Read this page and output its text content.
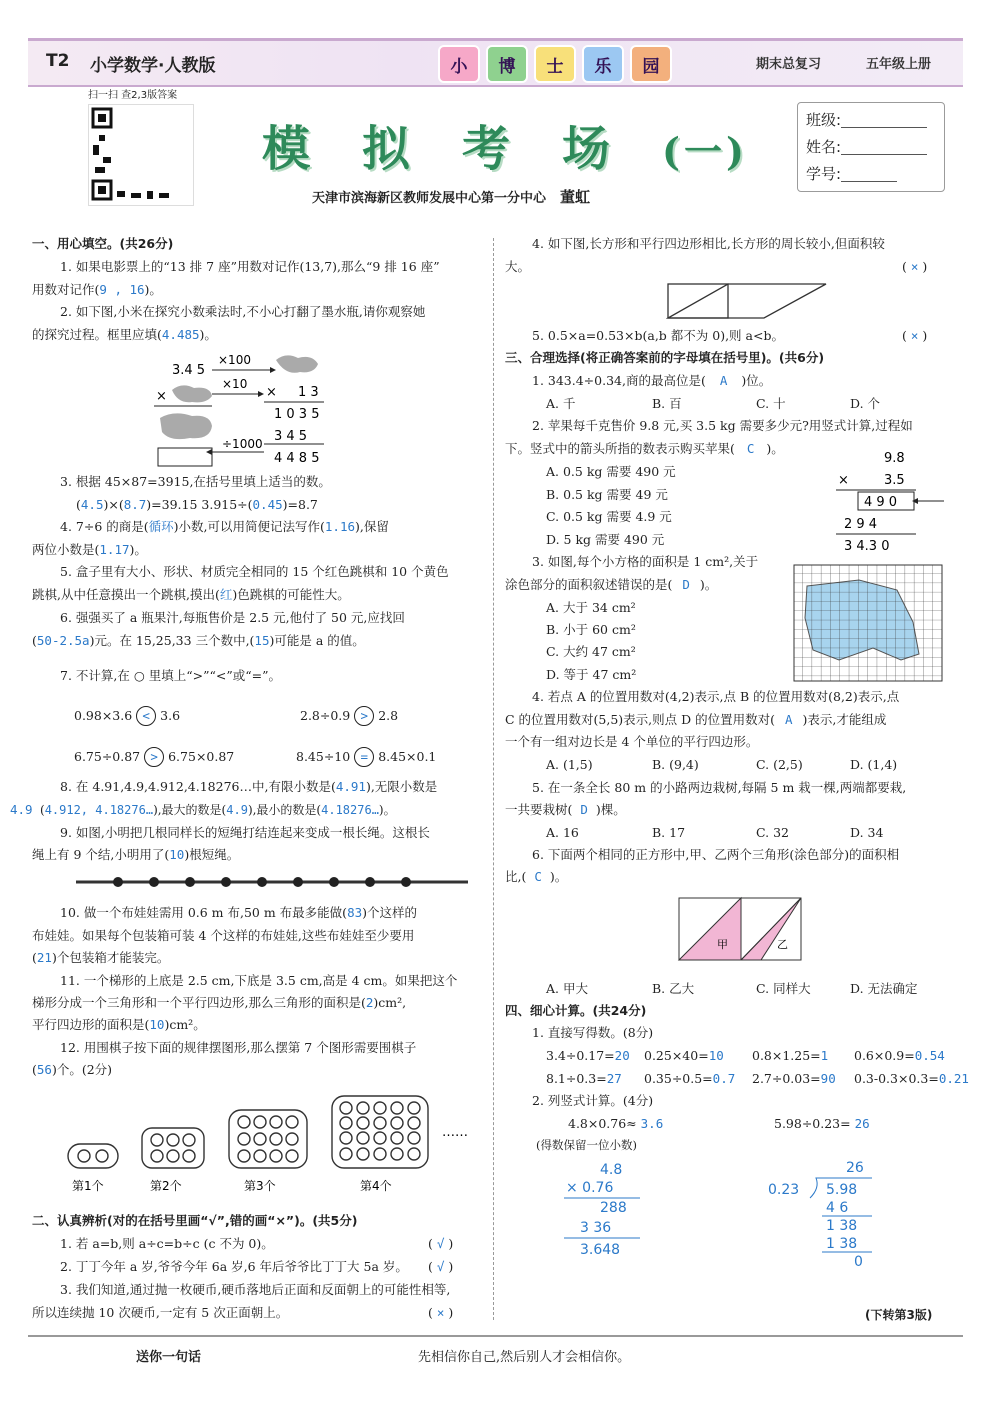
T2 小学数学·人教版	小	博	士	乐	园	期末总复习	五年级上册
扫一扫 查2,3版答案
模拟考场(一)
天津市滨海新区教师发展中心第一分中心 董虹
班级:
姓名:
学号:
一、用心填空。(共26分)
1. 如果电影票上的“13 排 7 座”用数对记作(13,7),那么“9 排 16 座”
用数对记作(9 , 16)。
2. 如下图,小米在探究小数乘法时,不小心打翻了墨水瓶,请你观察她
的探究过程。框里应填(4.485)。
3.4 5
×100
×10
×	× 1 3
1 0 3 5
3 4 5
÷1000
4 4 8 5
3. 根据 45×87=3915,在括号里填上适当的数。
(4.5)×(8.7)=39.15 3.915÷(0.45)=8.7
4. 7÷6 的商是(循环)小数,可以用简便记法写作(1.16),保留
两位小数是(1.17)。
5. 盒子里有大小、形状、材质完全相同的 15 个红色跳棋和 10 个黄色
跳棋,从中任意摸出一个跳棋,摸出(红)色跳棋的可能性大。
6. 强强买了 a 瓶果汁,每瓶售价是 2.5 元,他付了 50 元,应找回
(50-2.5a)元。在 15,25,33 三个数中,(15)可能是 a 的值。
7. 不计算,在 ○ 里填上“>”“<”或“=”。
0.98×3.6 < 3.6	2.8÷0.9 > 2.8
6.75÷0.87 > 6.75×0.87	8.45÷10 = 8.45×0.1
8. 在 4.91,4.9,4.912,4.18276…中,有限小数是(4.91),无限小数是
4.9 (4.912, 4.18276…),最大的数是(4.9),最小的数是(4.18276…)。
9. 如图,小明把几根同样长的短绳打结连起来变成一根长绳。这根长
绳上有 9 个结,小明用了(10)根短绳。
10. 做一个布娃娃需用 0.6 m 布,50 m 布最多能做(83)个这样的
布娃娃。如果每个包装箱可装 4 个这样的布娃娃,这些布娃娃至少要用
(21)个包装箱才能装完。
11. 一个梯形的上底是 2.5 cm,下底是 3.5 cm,高是 4 cm。如果把这个
梯形分成一个三角形和一个平行四边形,那么三角形的面积是(2)cm²,
平行四边形的面积是(10)cm²。
12. 用围棋子按下面的规律摆图形,那么摆第 7 个图形需要围棋子
(56)个。(2分)
……
第1个	第2个	第3个	第4个
二、认真辨析(对的在括号里画“√”,错的画“×”)。(共5分)
1. 若 a=b,则 a÷c=b÷c (c 不为 0)。	( √ )
2. 丁丁今年 a 岁,爷爷今年 6a 岁,6 年后爷爷比丁丁大 5a 岁。 ( √ )
3. 我们知道,通过抛一枚硬币,硬币落地后正面和反面朝上的可能性相等,
所以连续抛 10 次硬币,一定有 5 次正面朝上。	( × )
4. 如下图,长方形和平行四边形相比,长方形的周长较小,但面积较
大。	( × )
5. 0.5×a=0.53×b(a,b 都不为 0),则 a<b。	( × )
三、合理选择(将正确答案前的字母填在括号里)。(共6分)
1. 343.4÷0.34,商的最高位是( A )位。
A. 千	B. 百	C. 十	D. 个
2. 苹果每千克售价 9.8 元,买 3.5 kg 需要多少元?用竖式计算,过程如
下。竖式中的箭头所指的数表示购买苹果( C )。
A. 0.5 kg 需要 490 元
B. 0.5 kg 需要 49 元
C. 0.5 kg 需要 4.9 元
D. 5 kg 需要 490 元
9.8
×	3.5
4 9 0
2 9 4
3 4.3 0
3. 如图,每个小方格的面积是 1 cm²,关于
涂色部分的面积叙述错误的是( D )。
A. 大于 34 cm²
B. 小于 60 cm²
C. 大约 47 cm²
D. 等于 47 cm²
4. 若点 A 的位置用数对(4,2)表示,点 B 的位置用数对(8,2)表示,点
C 的位置用数对(5,5)表示,则点 D 的位置用数对( A )表示,才能组成
一个有一组对边长是 4 个单位的平行四边形。
A. (1,5)	B. (9,4)	C. (2,5)	D. (1,4)
5. 在一条全长 80 m 的小路两边栽树,每隔 5 m 栽一棵,两端都要栽,
一共要栽树( D )棵。
A. 16	B. 17	C. 32	D. 34
6. 下面两个相同的正方形中,甲、乙两个三角形(涂色部分)的面积相
比,( C )。
甲	乙
A. 甲大	B. 乙大	C. 同样大	D. 无法确定
四、细心计算。(共24分)
1. 直接写得数。(8分)
3.4÷0.17=20 0.25×40=10 0.8×1.25=1 0.6×0.9=0.54
8.1÷0.3=27 0.35÷0.5=0.7 2.7÷0.03=90 0.3-0.3×0.3=0.21
2. 列竖式计算。(4分)
4.8×0.76≈ 3.6	5.98÷0.23= 26
(得数保留一位小数)
4.8
× 0.76
288
3 36
3.648
26
0.23 5.98
4 6
1 38
1 38
0
(下转第3版)
送你一句话	先相信你自己,然后别人才会相信你。
